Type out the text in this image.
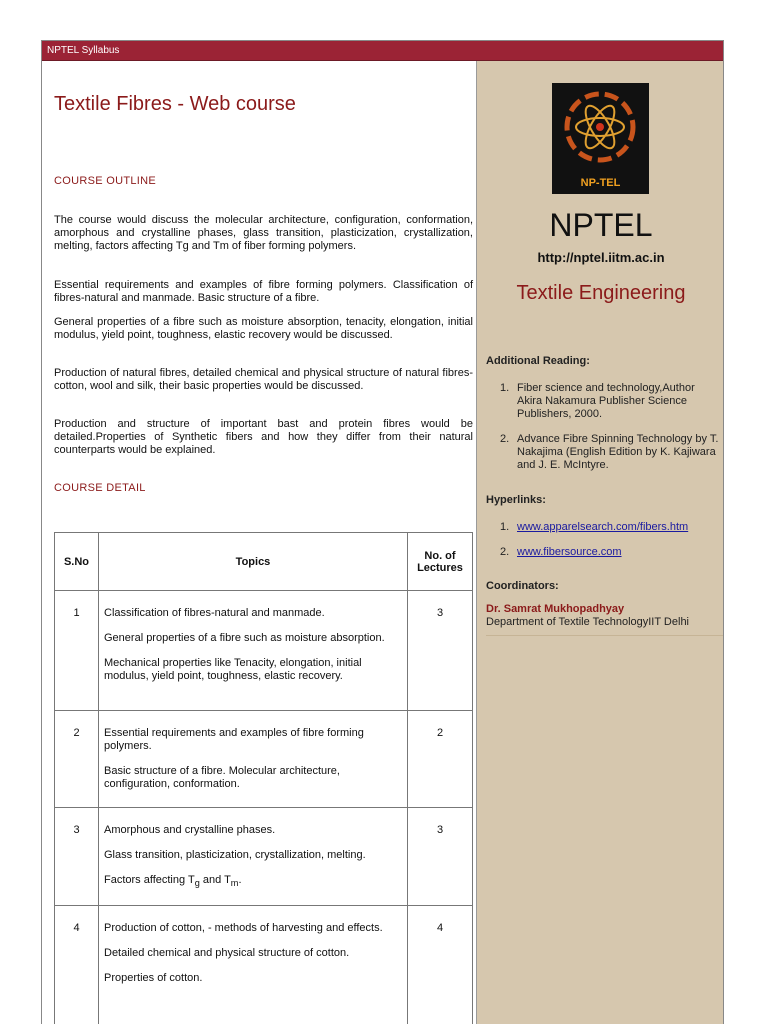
NPTEL Syllabus
Textile Fibres - Web course
COURSE OUTLINE
The course would discuss the molecular architecture, configuration, conformation, amorphous and crystalline phases, glass transition, plasticization, crystallization, melting, factors affecting Tg and Tm of fiber forming polymers.
Essential requirements and examples of fibre forming polymers. Classification of fibres-natural and manmade. Basic structure of a fibre.
General properties of a fibre such as moisture absorption, tenacity, elongation, initial modulus, yield point, toughness, elastic recovery would be discussed.
Production of natural fibres, detailed chemical and physical structure of natural fibres-cotton, wool and silk, their basic properties would be discussed.
Production and structure of important bast and protein fibres would be detailed.Properties of Synthetic fibers and how they differ from their natural counterparts would be explained.
COURSE DETAIL
S.No	Topics	No. of Lectures
1	Classification of fibres-natural and manmade.

General properties of a fibre such as moisture absorption.

Mechanical properties like Tenacity, elongation, initial modulus, yield point, toughness, elastic recovery.	3
2	Essential requirements and examples of fibre forming polymers.

Basic structure of a fibre. Molecular architecture, configuration, conformation.	2
3	Amorphous and crystalline phases.

Glass transition, plasticization, crystallization, melting.

Factors affecting $T_g$ and $T_m$.	3
4	Production of cotton, - methods of harvesting and effects.

Detailed chemical and physical structure of cotton.

Properties of cotton.	4
NP-TEL
NPTEL
http://nptel.iitm.ac.in
Textile Engineering
Additional Reading:
1. Fiber science and technology,Author Akira Nakamura Publisher Science Publishers, 2000.
2. Advance Fibre Spinning Technology by T. Nakajima (English Edition by K. Kajiwara and J. E. McIntyre.
Hyperlinks:
1. www.apparelsearch.com/fibers.htm
2. www.fibersource.com
Coordinators:
Dr. Samrat Mukhopadhyay
Department of Textile TechnologyIIT Delhi
